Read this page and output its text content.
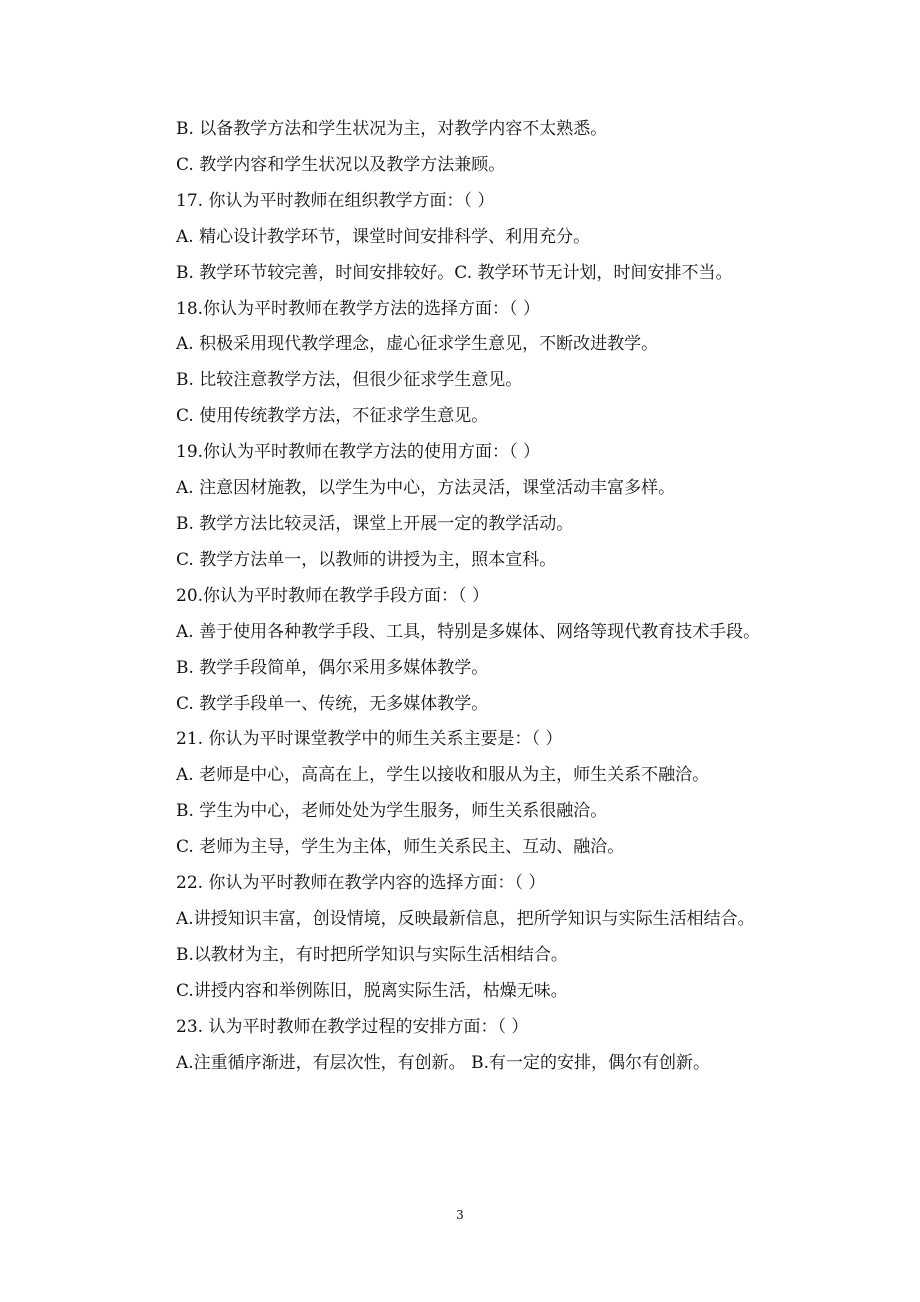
B. 以备教学方法和学生状况为主，对教学内容不太熟悉。
C. 教学内容和学生状况以及教学方法兼顾。
17. 你认为平时教师在组织教学方面：（ ）
A. 精心设计教学环节，课堂时间安排科学、利用充分。
B. 教学环节较完善，时间安排较好。C. 教学环节无计划，时间安排不当。
18.你认为平时教师在教学方法的选择方面：（ ）
A. 积极采用现代教学理念，虚心征求学生意见，不断改进教学。
B. 比较注意教学方法，但很少征求学生意见。
C. 使用传统教学方法，不征求学生意见。
19.你认为平时教师在教学方法的使用方面：（ ）
A. 注意因材施教，以学生为中心，方法灵活，课堂活动丰富多样。
B. 教学方法比较灵活，课堂上开展一定的教学活动。
C. 教学方法单一，以教师的讲授为主，照本宣科。
20.你认为平时教师在教学手段方面：（ ）
A. 善于使用各种教学手段、工具，特别是多媒体、网络等现代教育技术手段。
B. 教学手段简单，偶尔采用多媒体教学。
C. 教学手段单一、传统，无多媒体教学。
21. 你认为平时课堂教学中的师生关系主要是：（ ）
A. 老师是中心，高高在上，学生以接收和服从为主，师生关系不融洽。
B. 学生为中心，老师处处为学生服务，师生关系很融洽。
C. 老师为主导，学生为主体，师生关系民主、互动、融洽。
22. 你认为平时教师在教学内容的选择方面：（ ）
A.讲授知识丰富，创设情境，反映最新信息，把所学知识与实际生活相结合。
B.以教材为主，有时把所学知识与实际生活相结合。
C.讲授内容和举例陈旧，脱离实际生活，枯燥无味。
23. 认为平时教师在教学过程的安排方面：（ ）
A.注重循序渐进，有层次性，有创新。 B.有一定的安排，偶尔有创新。
3
